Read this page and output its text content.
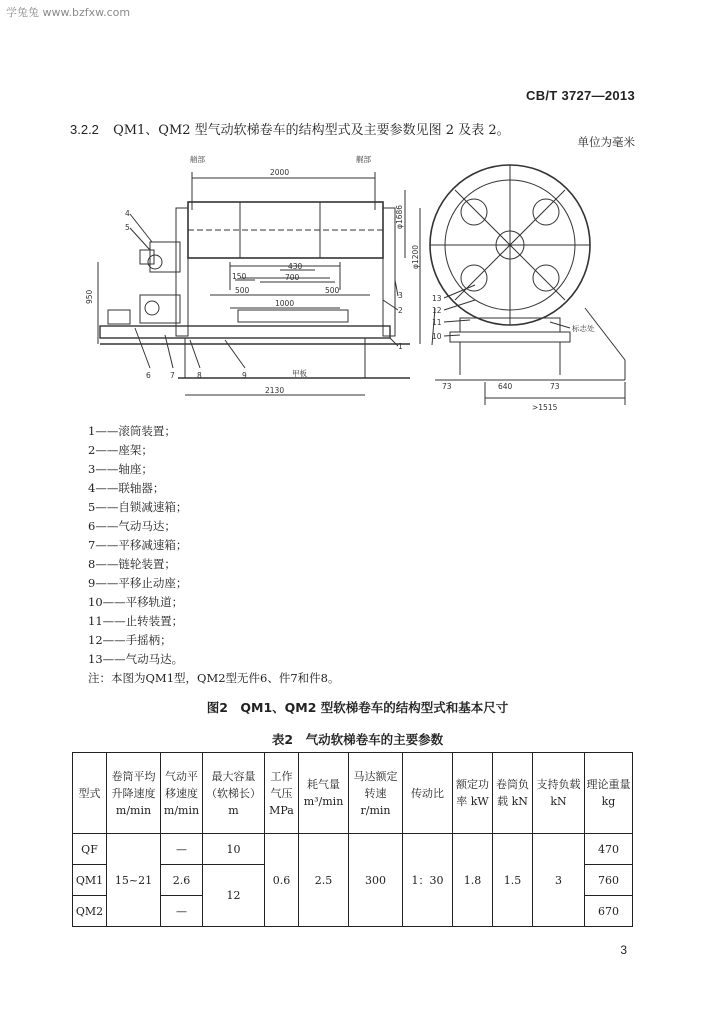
学兔兔 www.bzfxw.com
CB/T 3727—2013
3.2.2 QM1、QM2 型气动软梯卷车的结构型式及主要参数见图 2 及表 2。
单位为毫米
艏部	艉部
2000
430
150	700
500	500
1000
2130
甲板
950
φ1686
φ1200
4
5
6	7	8	9
3
2
1
13
12
11
10
标志处
73	640	73
>1515
1——滚筒装置；
2——座架；
3——轴座；
4——联轴器；
5——自锁减速箱；
6——气动马达；
7——平移减速箱；
8——链轮装置；
9——平移止动座；
10——平移轨道；
11——止转装置；
12——手摇柄；
13——气动马达。
注：本图为QM1型，QM2型无件6、件7和件8。
图2　QM1、QM2 型软梯卷车的结构型式和基本尺寸
表2　气动软梯卷车的主要参数
型式	卷筒平均升降速度 m/min	气动平移速度 m/min	最大容量（软梯长） m	工作气压 MPa	耗气量 m³/min	马达额定转速 r/min	传动比	额定功率 kW	卷筒负载 kN	支持负载 kN	理论重量 kg
QF	15~21	—	10	0.6	2.5	300	1：30	1.8	1.5	3	470
QM1		2.6	12								760
QM2		—									670
3
